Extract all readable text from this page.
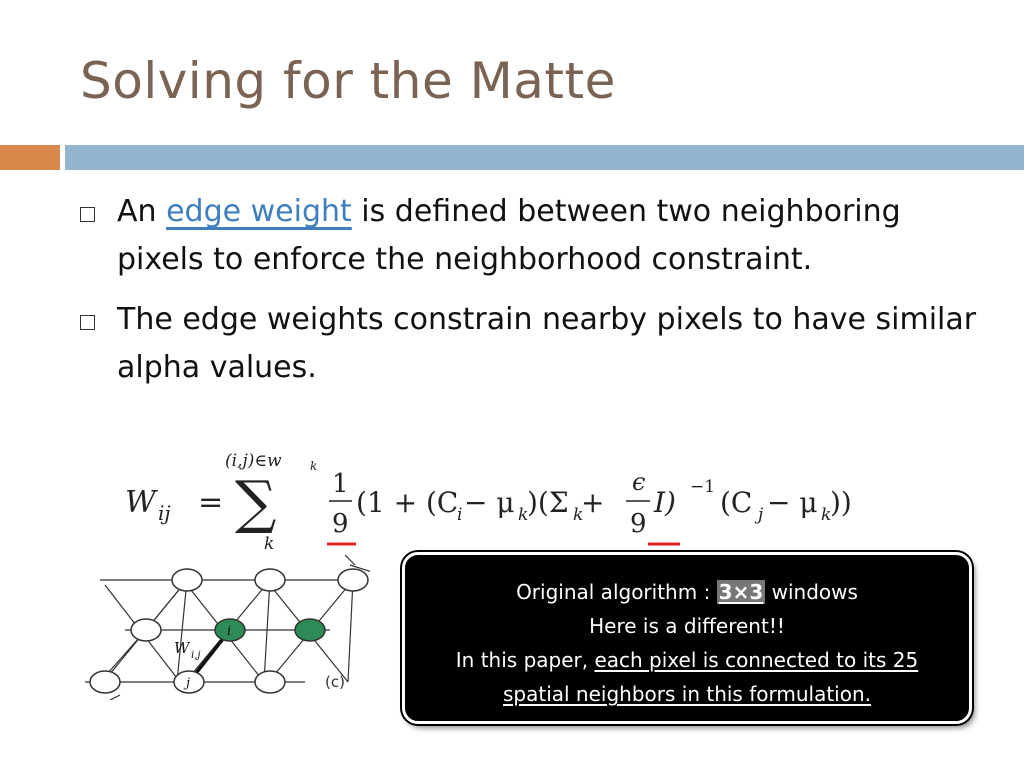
Solving for the Matte
An edge weight is defined between two neighboring pixels to enforce the neighborhood constraint.
The edge weights constrain nearby pixels to have similar alpha values.
W ij =
(i,j)∈w k
∑
k
1
9
(1 + (C
i − μ k
)(Σ k
+
ϵ
9
I) −1 (C j − μ k
))
i
j
W i,j
(c)
Original algorithm : 3×3 windows
Here is a different!!
In this paper, each pixel is connected to its 25
spatial neighbors in this formulation.
